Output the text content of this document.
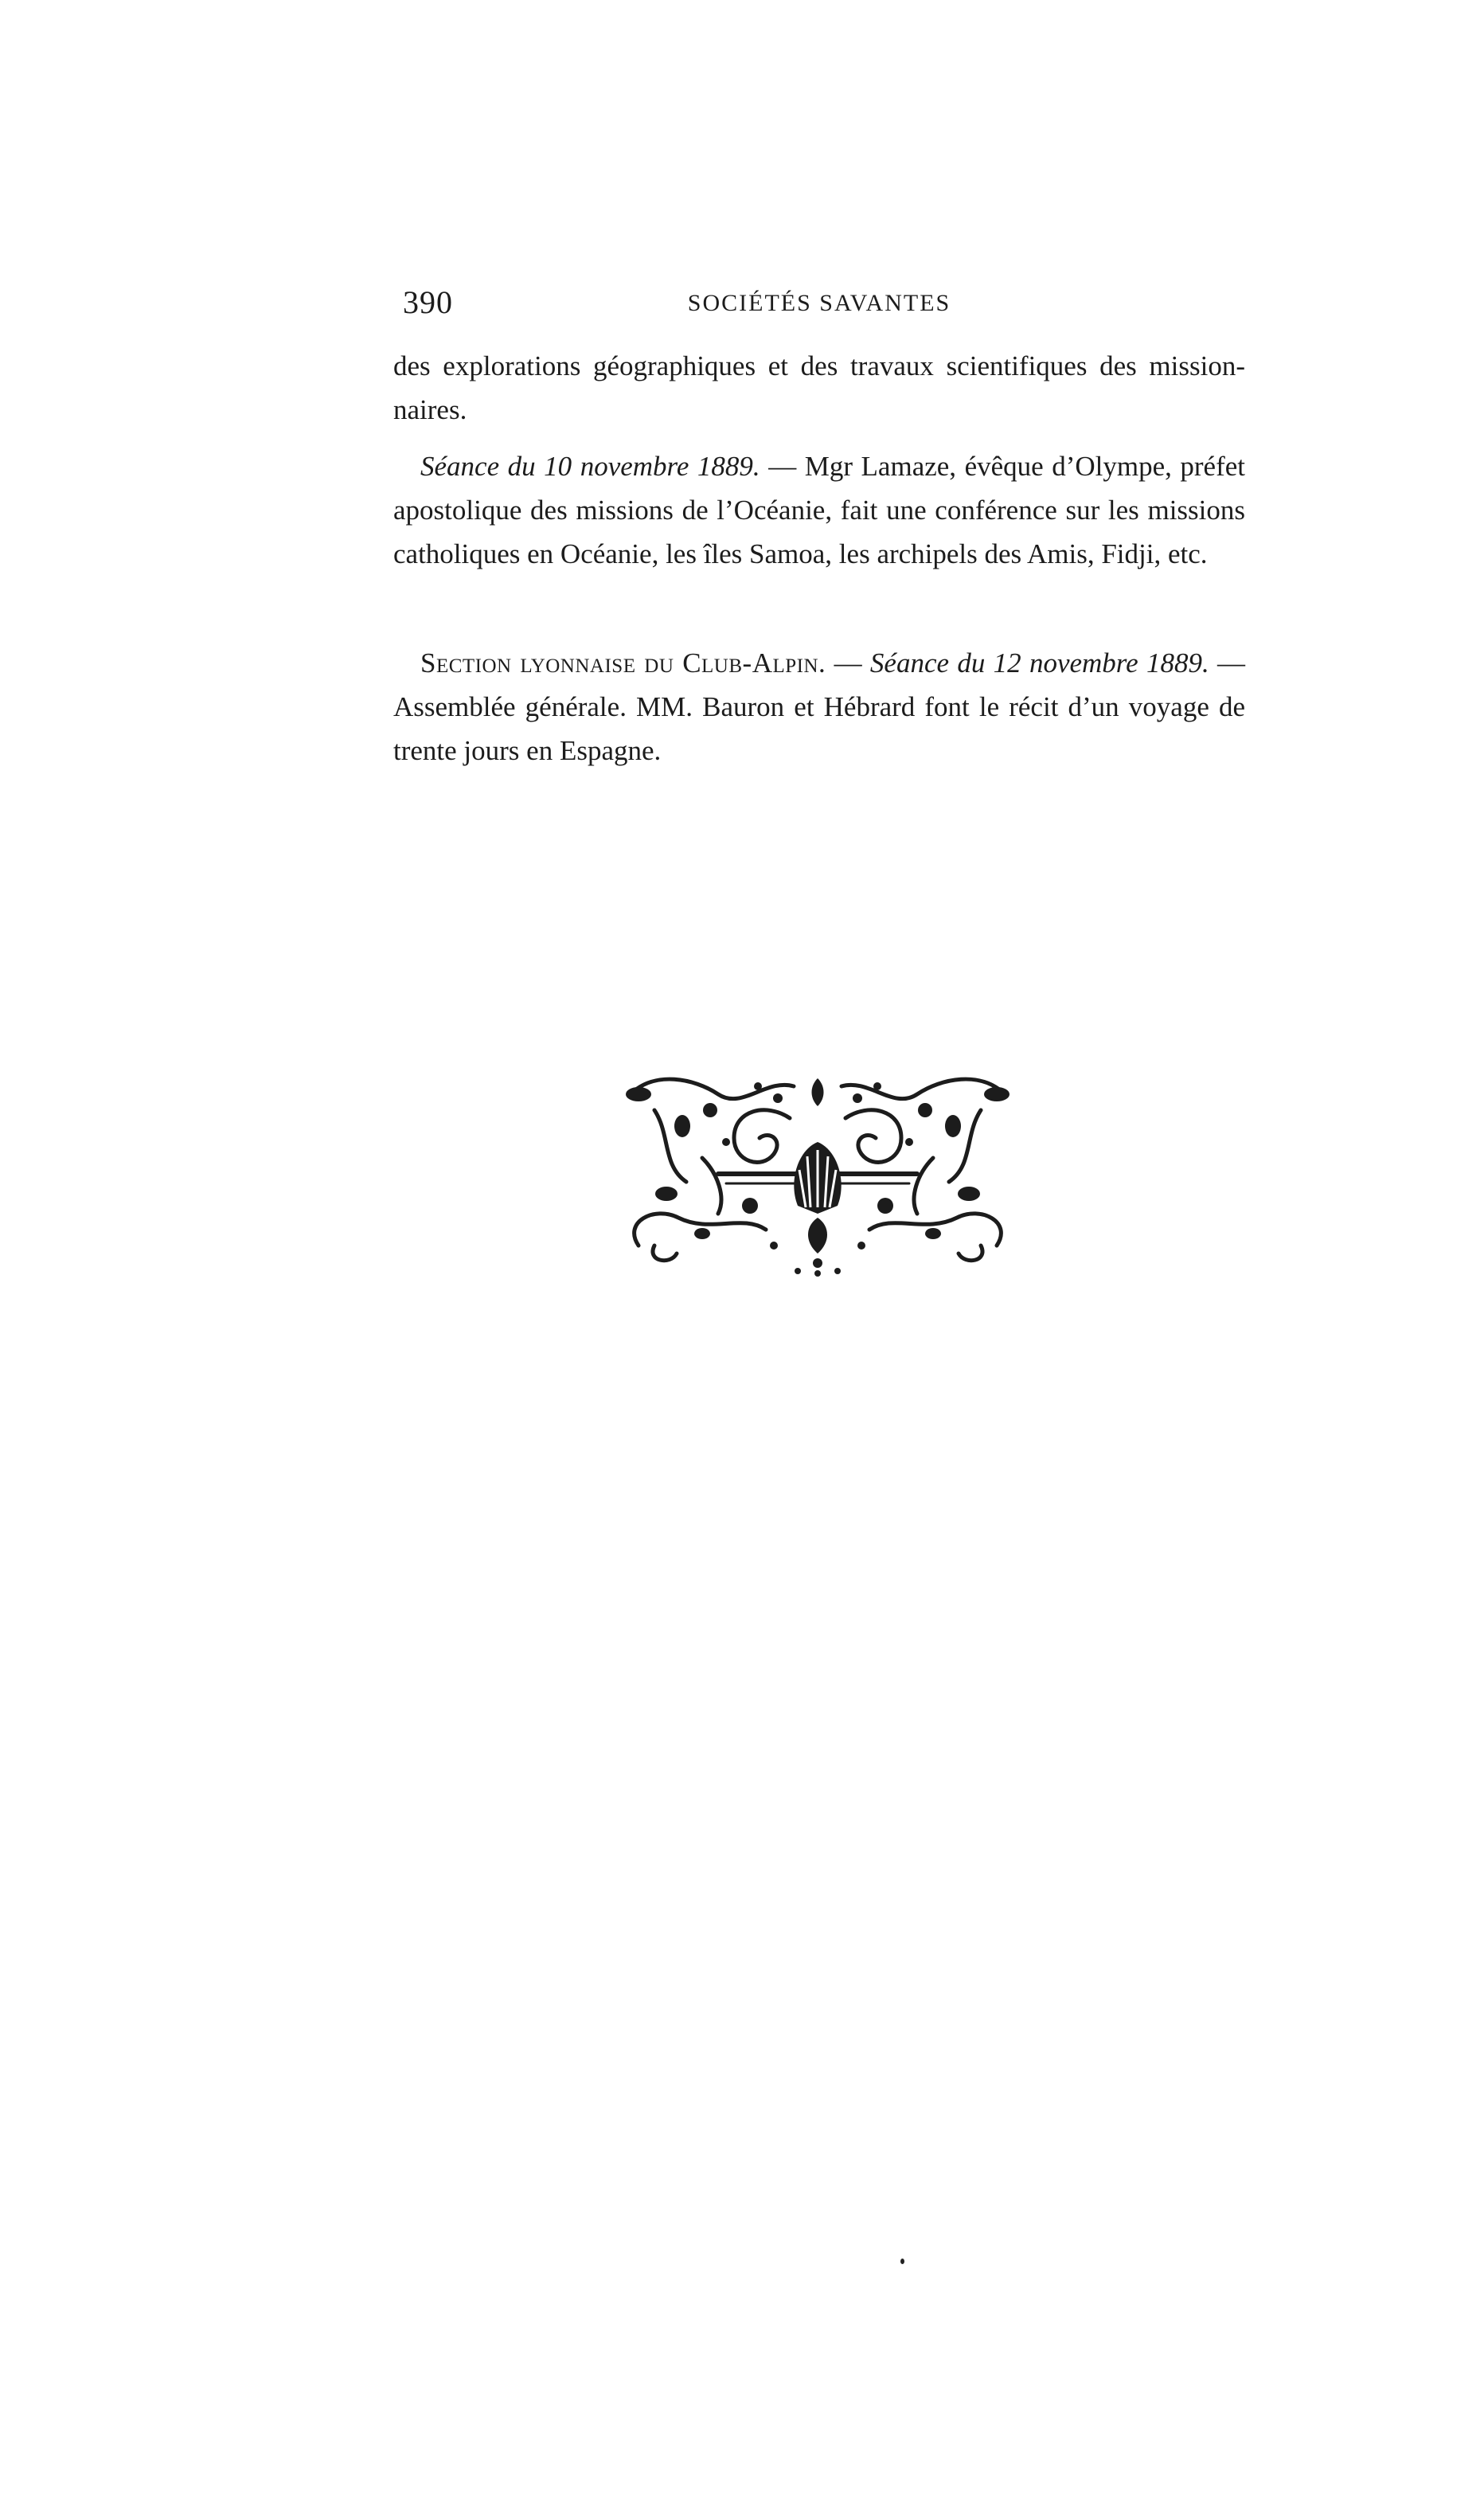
390	SOCIÉTÉS SAVANTES

des explorations géographiques et des travaux scientifiques des mission-naires.

Séance du 10 novembre 1889. — Mgr Lamaze, évêque d’Olympe, préfet apostolique des missions de l’Océanie, fait une conférence sur les missions catholiques en Océanie, les îles Samoa, les archipels des Amis, Fidji, etc.

Section lyonnaise du Club-Alpin. — Séance du 12 novembre 1889. — Assemblée générale. MM. Bauron et Hébrard font le récit d’un voyage de trente jours en Espagne.
